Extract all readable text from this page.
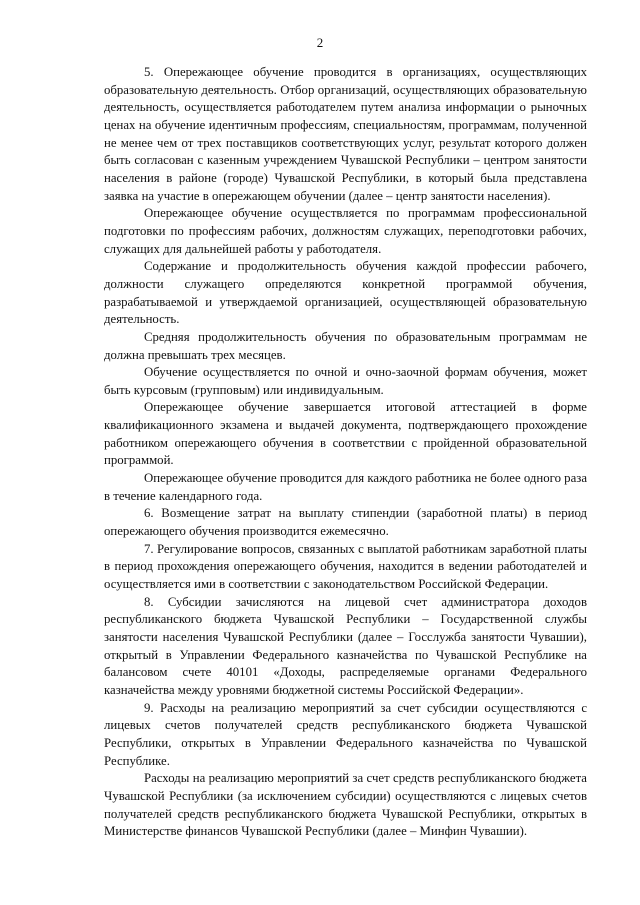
2

5. Опережающее обучение проводится в организациях, осуществляющих образовательную деятельность. Отбор организаций, осуществляющих образовательную деятельность, осуществляется работодателем путем анализа информации о рыночных ценах на обучение идентичным профессиям, специальностям, программам, полученной не менее чем от трех поставщиков соответствующих услуг, результат которого должен быть согласован с казенным учреждением Чувашской Республики – центром занятости населения в районе (городе) Чувашской Республики, в который была представлена заявка на участие в опережающем обучении (далее – центр занятости населения).

Опережающее обучение осуществляется по программам профессиональной подготовки по профессиям рабочих, должностям служащих, переподготовки рабочих, служащих для дальнейшей работы у работодателя.

Содержание и продолжительность обучения каждой профессии рабочего, должности служащего определяются конкретной программой обучения, разрабатываемой и утверждаемой организацией, осуществляющей образовательную деятельность.

Средняя продолжительность обучения по образовательным программам не должна превышать трех месяцев.

Обучение осуществляется по очной и очно-заочной формам обучения, может быть курсовым (групповым) или индивидуальным.

Опережающее обучение завершается итоговой аттестацией в форме квалификационного экзамена и выдачей документа, подтверждающего прохождение работником опережающего обучения в соответствии с пройденной образовательной программой.

Опережающее обучение проводится для каждого работника не более одного раза в течение календарного года.

6. Возмещение затрат на выплату стипендии (заработной платы) в период опережающего обучения производится ежемесячно.

7. Регулирование вопросов, связанных с выплатой работникам заработной платы в период прохождения опережающего обучения, находится в ведении работодателей и осуществляется ими в соответствии с законодательством Российской Федерации.

8. Субсидии зачисляются на лицевой счет администратора доходов республиканского бюджета Чувашской Республики – Государственной службы занятости населения Чувашской Республики (далее – Госслужба занятости Чувашии), открытый в Управлении Федерального казначейства по Чувашской Республике на балансовом счете 40101 «Доходы, распределяемые органами Федерального казначейства между уровнями бюджетной системы Российской Федерации».

9. Расходы на реализацию мероприятий за счет субсидии осуществляются с лицевых счетов получателей средств республиканского бюджета Чувашской Республики, открытых в Управлении Федерального казначейства по Чувашской Республике.

Расходы на реализацию мероприятий за счет средств республиканского бюджета Чувашской Республики (за исключением субсидии) осуществляются с лицевых счетов получателей средств республиканского бюджета Чувашской Республики, открытых в Министерстве финансов Чувашской Республики (далее – Минфин Чувашии).
